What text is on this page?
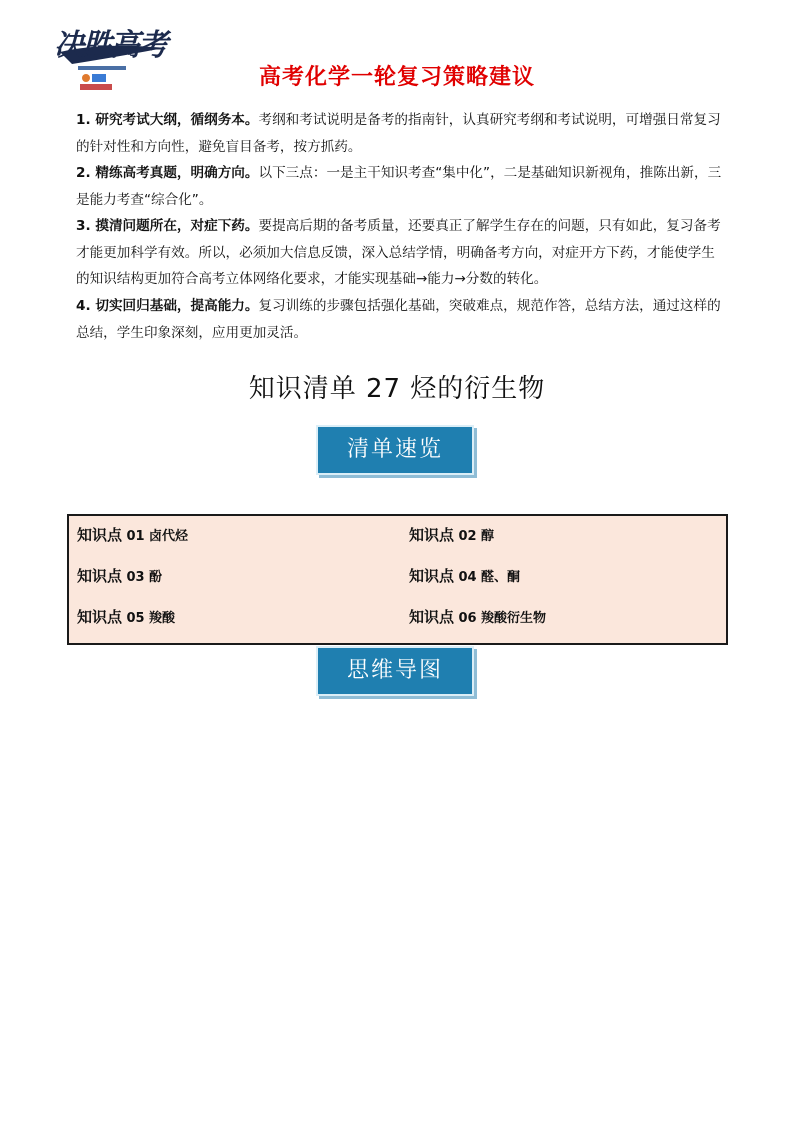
决胜高考
高考化学一轮复习策略建议
1. 研究考试大纲，循纲务本。考纲和考试说明是备考的指南针，认真研究考纲和考试说明，可增强日常复习的针对性和方向性，避免盲目备考，按方抓药。
2. 精练高考真题，明确方向。以下三点：一是主干知识考查“集中化”，二是基础知识新视角，推陈出新，三是能力考查“综合化”。
3. 摸清问题所在，对症下药。要提高后期的备考质量，还要真正了解学生存在的问题，只有如此，复习备考才能更加科学有效。所以，必须加大信息反馈，深入总结学情，明确备考方向，对症开方下药，才能使学生的知识结构更加符合高考立体网络化要求，才能实现基础→能力→分数的转化。
4. 切实回归基础，提高能力。复习训练的步骤包括强化基础，突破难点，规范作答，总结方法，通过这样的总结，学生印象深刻，应用更加灵活。
知识清单 27 烃的衍生物
清单速览
知识点 01 卤代烃	知识点 02 醇
知识点 03 酚	知识点 04 醛、酮
知识点 05 羧酸	知识点 06 羧酸衍生物
思维导图
